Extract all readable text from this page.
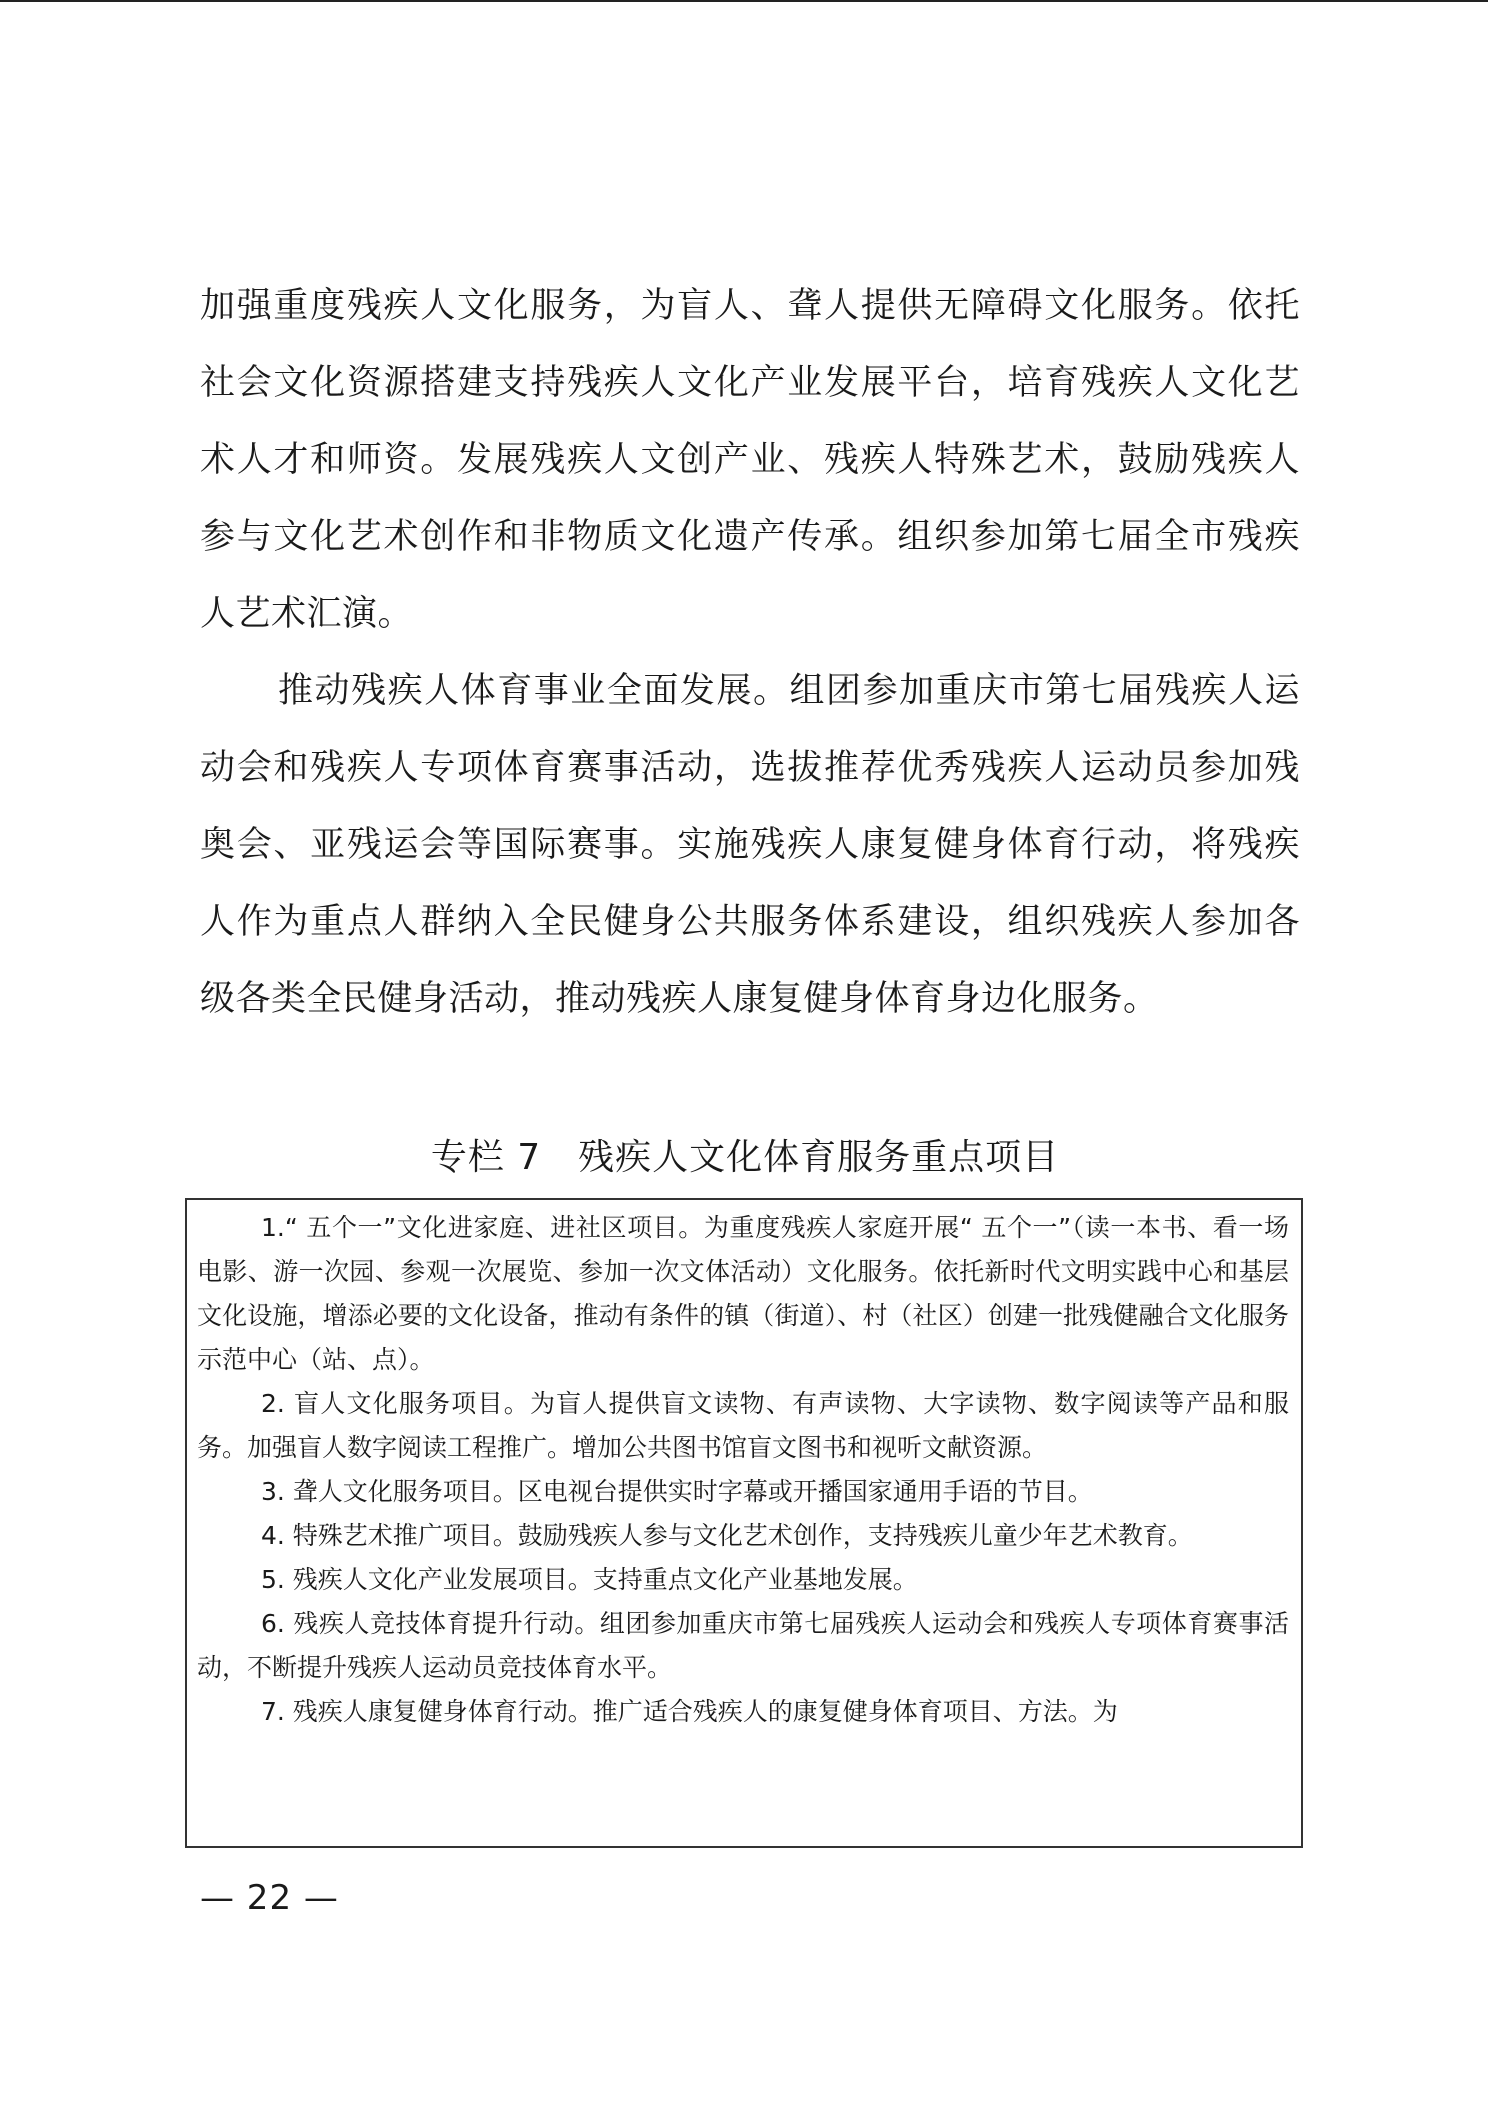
加强重度残疾人文化服务，为盲人、聋人提供无障碍文化服务。依托社会文化资源搭建支持残疾人文化产业发展平台，培育残疾人文化艺术人才和师资。发展残疾人文创产业、残疾人特殊艺术，鼓励残疾人参与文化艺术创作和非物质文化遗产传承。组织参加第七届全市残疾人艺术汇演。

推动残疾人体育事业全面发展。组团参加重庆市第七届残疾人运动会和残疾人专项体育赛事活动，选拔推荐优秀残疾人运动员参加残奥会、亚残运会等国际赛事。实施残疾人康复健身体育行动，将残疾人作为重点人群纳入全民健身公共服务体系建设，组织残疾人参加各级各类全民健身活动，推动残疾人康复健身体育身边化服务。

专栏 7　残疾人文化体育服务重点项目

1.“ 五个一”文化进家庭、进社区项目。为重度残疾人家庭开展“ 五个一”（读一本书、看一场电影、游一次园、参观一次展览、参加一次文体活动）文化服务。依托新时代文明实践中心和基层文化设施，增添必要的文化设备，推动有条件的镇（街道）、村（社区）创建一批残健融合文化服务示范中心（站、点）。

2. 盲人文化服务项目。为盲人提供盲文读物、有声读物、大字读物、数字阅读等产品和服务。加强盲人数字阅读工程推广。增加公共图书馆盲文图书和视听文献资源。

3. 聋人文化服务项目。区电视台提供实时字幕或开播国家通用手语的节目。

4. 特殊艺术推广项目。鼓励残疾人参与文化艺术创作，支持残疾儿童少年艺术教育。

5. 残疾人文化产业发展项目。支持重点文化产业基地发展。

6. 残疾人竞技体育提升行动。组团参加重庆市第七届残疾人运动会和残疾人专项体育赛事活动，不断提升残疾人运动员竞技体育水平。

7. 残疾人康复健身体育行动。推广适合残疾人的康复健身体育项目、方法。为

— 22 —
